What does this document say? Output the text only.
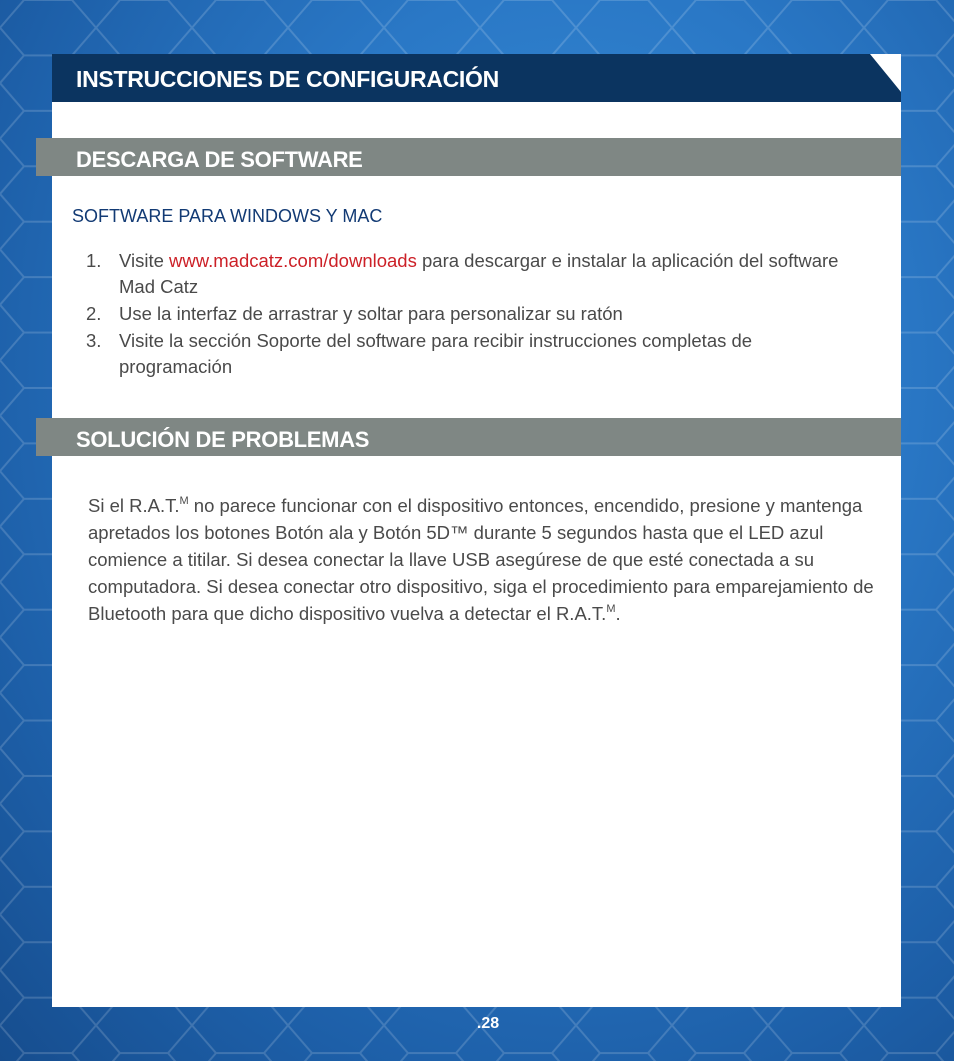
INSTRUCCIONES DE CONFIGURACIÓN
DESCARGA DE SOFTWARE
SOFTWARE PARA WINDOWS Y MAC
1. Visite www.madcatz.com/downloads para descargar e instalar la aplicación del software Mad Catz
2. Use la interfaz de arrastrar y soltar para personalizar su ratón
3. Visite la sección Soporte del software para recibir instrucciones completas de programación
SOLUCIÓN DE PROBLEMAS

Si el R.A.T.$^M$ no parece funcionar con el dispositivo entonces, encendido, presione y mantenga apretados los botones Botón ala y Botón 5D™ durante 5 segundos hasta que el LED azul comience a titilar. Si desea conectar la llave USB asegúrese de que esté conectada a su computadora. Si desea conectar otro dispositivo, siga el procedimiento para emparejamiento de Bluetooth para que dicho dispositivo vuelva a detectar el R.A.T.$^M$.

.28
